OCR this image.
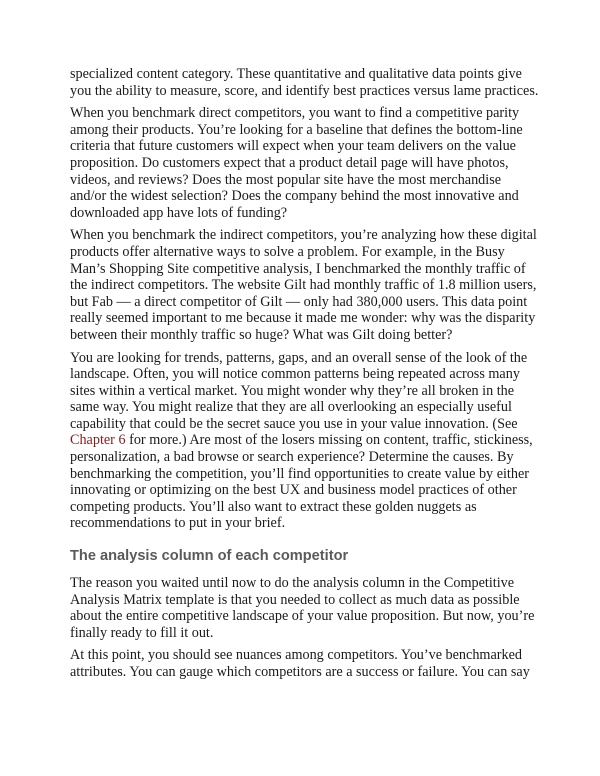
specialized content category. These quantitative and qualitative data points give you the ability to measure, score, and identify best practices versus lame practices.

When you benchmark direct competitors, you want to find a competitive parity among their products. You’re looking for a baseline that defines the bottom-line criteria that future customers will expect when your team delivers on the value proposition. Do customers expect that a product detail page will have photos, videos, and reviews? Does the most popular site have the most merchandise and/or the widest selection? Does the company behind the most innovative and downloaded app have lots of funding?

When you benchmark the indirect competitors, you’re analyzing how these digital products offer alternative ways to solve a problem. For example, in the Busy Man’s Shopping Site competitive analysis, I benchmarked the monthly traffic of the indirect competitors. The website Gilt had monthly traffic of 1.8 million users, but Fab — a direct competitor of Gilt — only had 380,000 users. This data point really seemed important to me because it made me wonder: why was the disparity between their monthly traffic so huge? What was Gilt doing better?

You are looking for trends, patterns, gaps, and an overall sense of the look of the landscape. Often, you will notice common patterns being repeated across many sites within a vertical market. You might wonder why they’re all broken in the same way. You might realize that they are all overlooking an especially useful capability that could be the secret sauce you use in your value innovation. (See Chapter 6 for more.) Are most of the losers missing on content, traffic, stickiness, personalization, a bad browse or search experience? Determine the causes. By benchmarking the competition, you’ll find opportunities to create value by either innovating or optimizing on the best UX and business model practices of other competing products. You’ll also want to extract these golden nuggets as recommendations to put in your brief.

The analysis column of each competitor

The reason you waited until now to do the analysis column in the Competitive Analysis Matrix template is that you needed to collect as much data as possible about the entire competitive landscape of your value proposition. But now, you’re finally ready to fill it out.

At this point, you should see nuances among competitors. You’ve benchmarked attributes. You can gauge which competitors are a success or failure. You can say
